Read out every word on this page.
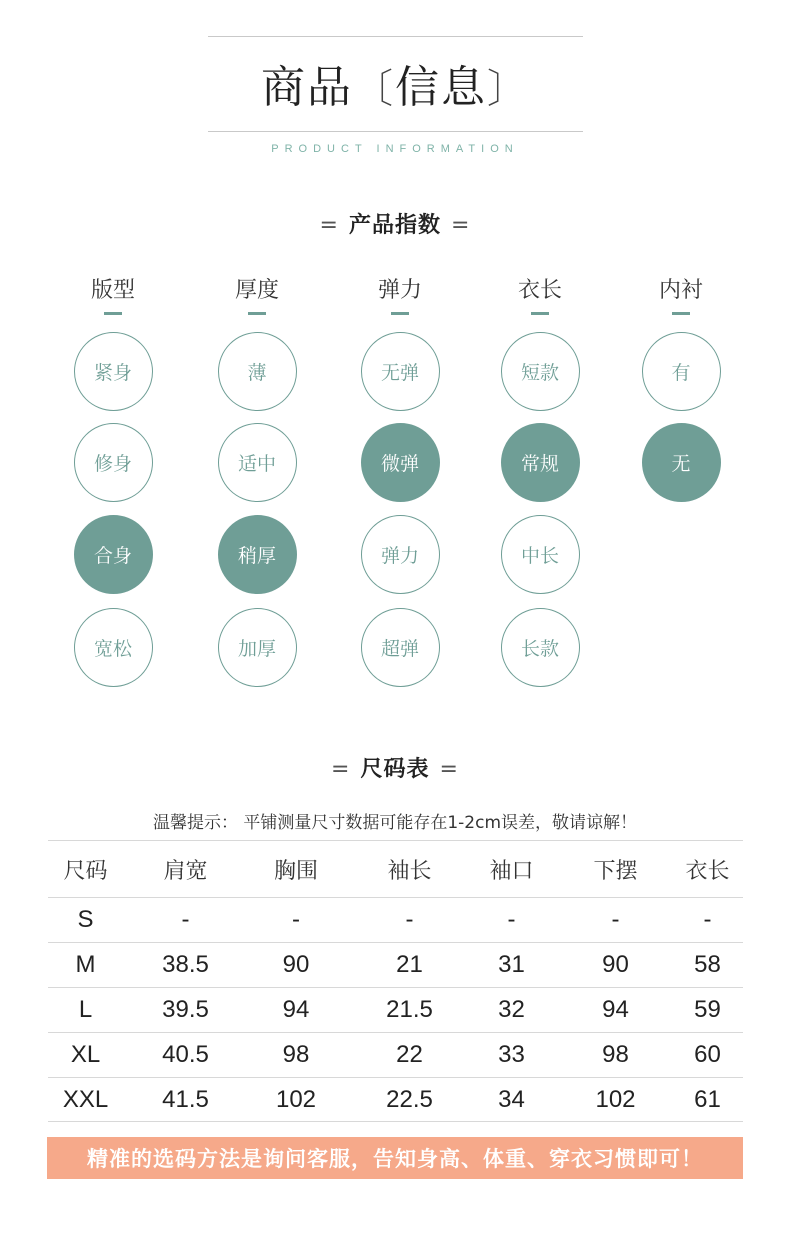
商品〔信息〕
PRODUCT INFORMATION
= 产品指数 =
版型
紧身
修身
合身
宽松
厚度
薄
适中
稍厚
加厚
弹力
无弹
微弹
弹力
超弹
衣长
短款
常规
中长
长款
内衬
有
无
= 尺码表 =
温馨提示： 平铺测量尺寸数据可能存在1-2cm误差，敬请谅解！
尺码	肩宽	胸围	袖长	袖口	下摆	衣长
S	-	-	-	-	-	-
M	38.5	90	21	31	90	58
L	39.5	94	21.5	32	94	59
XL	40.5	98	22	33	98	60
XXL	41.5	102	22.5	34	102	61
精准的选码方法是询问客服，告知身高、体重、穿衣习惯即可！
